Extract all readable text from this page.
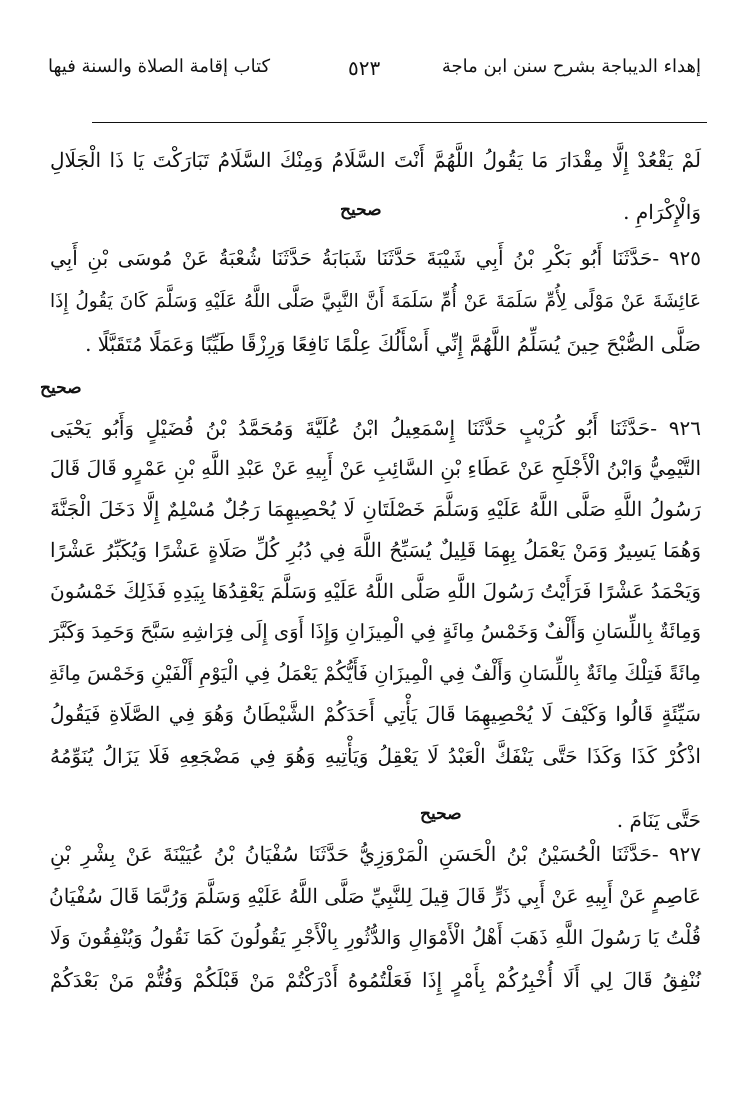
إهداء الديباجة بشرح سنن ابن ماجة
٥٢٣
كتاب إقامة الصلاة والسنة فيها
لَمْ يَقْعُدْ إِلَّا مِقْدَارَ مَا يَقُولُ اللَّهُمَّ أَنْتَ السَّلَامُ وَمِنْكَ السَّلَامُ تَبَارَكْتَ يَا ذَا الْجَلَالِ
وَالْإِكْرَامِ .
صحيح
٩٢٥ -حَدَّثَنَا أَبُو بَكْرِ بْنُ أَبِي شَيْبَةَ حَدَّثَنَا شَبَابَةُ حَدَّثَنَا شُعْبَةُ عَنْ مُوسَى بْنِ أَبِي
عَائِشَةَ عَنْ مَوْلًى لِأُمِّ سَلَمَةَ عَنْ أُمِّ سَلَمَةَ أَنَّ النَّبِيَّ صَلَّى اللَّهُ عَلَيْهِ وَسَلَّمَ كَانَ يَقُولُ إِذَا
صَلَّى الصُّبْحَ حِينَ يُسَلِّمُ اللَّهُمَّ إِنِّي أَسْأَلُكَ عِلْمًا نَافِعًا وَرِزْقًا طَيِّبًا وَعَمَلًا مُتَقَبَّلًا .
صحيح
٩٢٦ -حَدَّثَنَا أَبُو كُرَيْبٍ حَدَّثَنَا إِسْمَعِيلُ ابْنُ عُلَيَّةَ وَمُحَمَّدُ بْنُ فُضَيْلٍ وَأَبُو يَحْيَى
التَّيْمِيُّ وَابْنُ الْأَجْلَحِ عَنْ عَطَاءِ بْنِ السَّائِبِ عَنْ أَبِيهِ عَنْ عَبْدِ اللَّهِ بْنِ عَمْرٍو قَالَ قَالَ
رَسُولُ اللَّهِ صَلَّى اللَّهُ عَلَيْهِ وَسَلَّمَ خَصْلَتَانِ لَا يُحْصِيهِمَا رَجُلٌ مُسْلِمٌ إِلَّا دَخَلَ الْجَنَّةَ
وَهُمَا يَسِيرٌ وَمَنْ يَعْمَلُ بِهِمَا قَلِيلٌ يُسَبِّحُ اللَّهَ فِي دُبُرِ كُلِّ صَلَاةٍ عَشْرًا وَيُكَبِّرُ عَشْرًا
وَيَحْمَدُ عَشْرًا فَرَأَيْتُ رَسُولَ اللَّهِ صَلَّى اللَّهُ عَلَيْهِ وَسَلَّمَ يَعْقِدُهَا بِيَدِهِ فَذَلِكَ خَمْسُونَ
وَمِائَةٌ بِاللِّسَانِ وَأَلْفٌ وَخَمْسُ مِائَةٍ فِي الْمِيزَانِ وَإِذَا أَوَى إِلَى فِرَاشِهِ سَبَّحَ وَحَمِدَ وَكَبَّرَ
مِائَةً فَتِلْكَ مِائَةٌ بِاللِّسَانِ وَأَلْفٌ فِي الْمِيزَانِ فَأَيُّكُمْ يَعْمَلُ فِي الْيَوْمِ أَلْفَيْنِ وَخَمْسَ مِائَةِ
سَيِّئَةٍ قَالُوا وَكَيْفَ لَا يُحْصِيهِمَا قَالَ يَأْتِي أَحَدَكُمْ الشَّيْطَانُ وَهُوَ فِي الصَّلَاةِ فَيَقُولُ
اذْكُرْ كَذَا وَكَذَا حَتَّى يَنْفَكَّ الْعَبْدُ لَا يَعْقِلُ وَيَأْتِيهِ وَهُوَ فِي مَضْجَعِهِ فَلَا يَزَالُ يُنَوِّمُهُ
حَتَّى يَنَامَ .
صحيح
٩٢٧ -حَدَّثَنَا الْحُسَيْنُ بْنُ الْحَسَنِ الْمَرْوَزِيُّ حَدَّثَنَا سُفْيَانُ بْنُ عُيَيْنَةَ عَنْ بِشْرِ بْنِ
عَاصِمٍ عَنْ أَبِيهِ عَنْ أَبِي ذَرٍّ قَالَ قِيلَ لِلنَّبِيِّ صَلَّى اللَّهُ عَلَيْهِ وَسَلَّمَ وَرُبَّمَا قَالَ سُفْيَانُ
قُلْتُ يَا رَسُولَ اللَّهِ ذَهَبَ أَهْلُ الْأَمْوَالِ وَالدُّثُورِ بِالْأَجْرِ يَقُولُونَ كَمَا نَقُولُ وَيُنْفِقُونَ وَلَا
نُنْفِقُ قَالَ لِي أَلَا أُخْبِرُكُمْ بِأَمْرٍ إِذَا فَعَلْتُمُوهُ أَدْرَكْتُمْ مَنْ قَبْلَكُمْ وَفُتُّمْ مَنْ بَعْدَكُمْ
